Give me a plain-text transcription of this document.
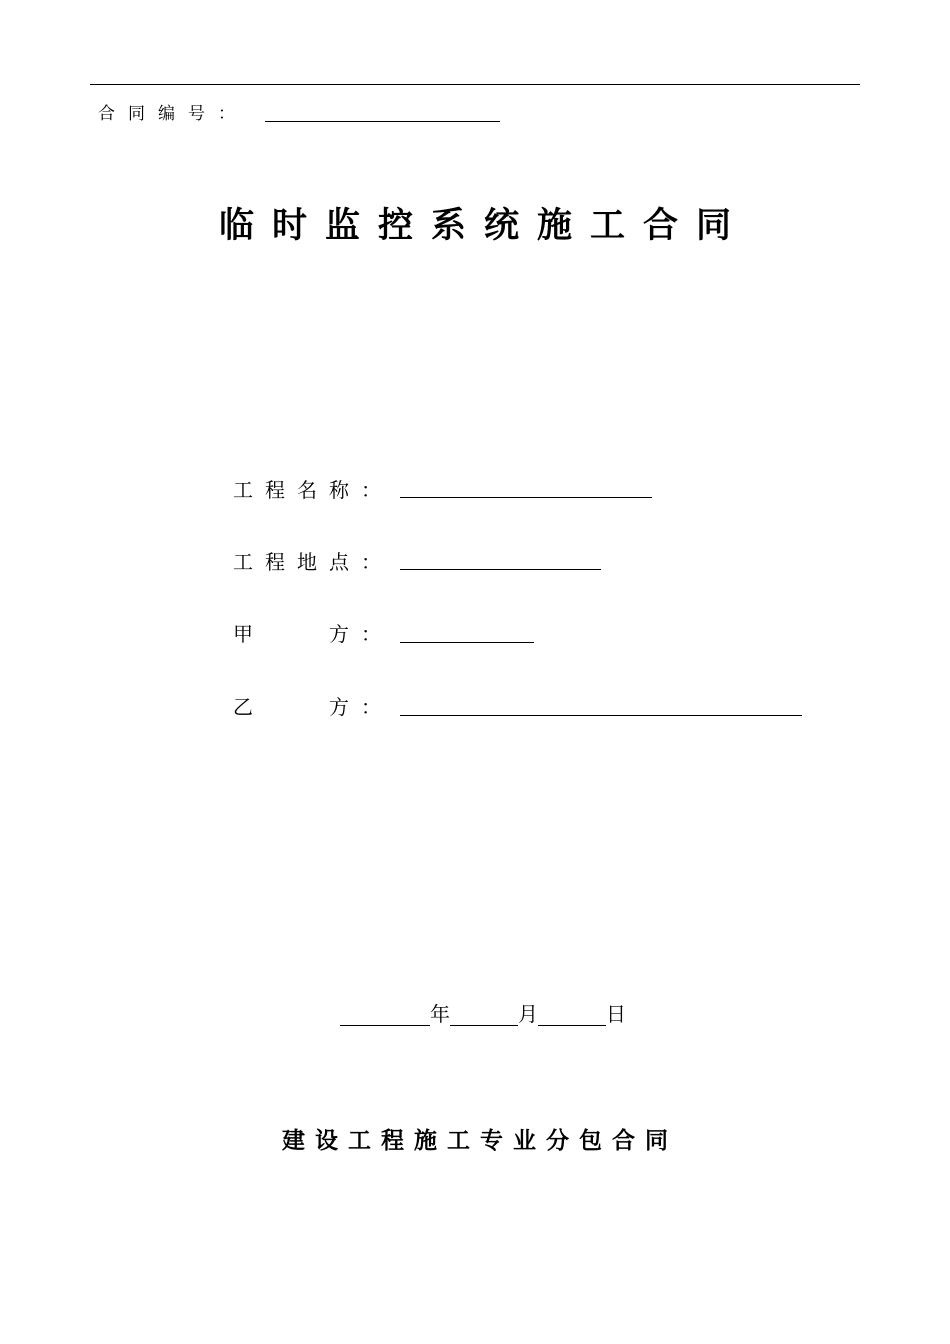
合同编号：
临时监控系统施工合同
工程名称：
工程地点：
甲	方：
乙	方：
年	月	日
建设工程施工专业分包合同
